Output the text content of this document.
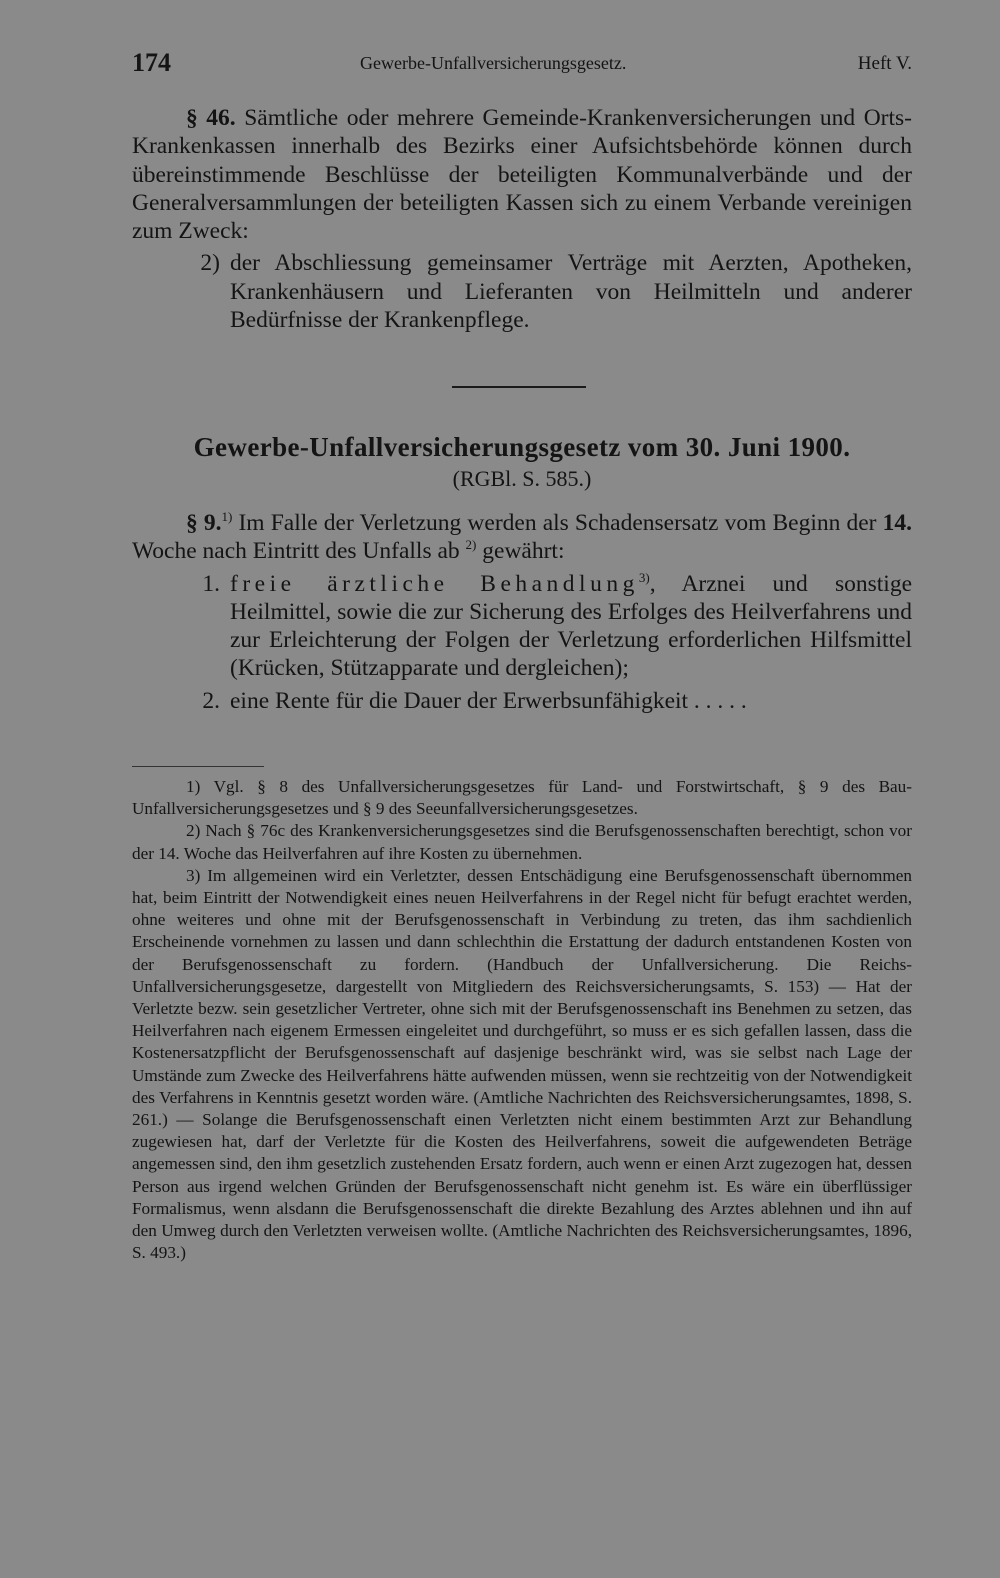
174	Gewerbe-Unfallversicherungsgesetz.	Heft V.

§ 46. Sämtliche oder mehrere Gemeinde-Krankenversicherungen und Orts-Krankenkassen innerhalb des Bezirks einer Aufsichtsbehörde können durch übereinstimmende Beschlüsse der beteiligten Kommunalverbände und der Generalversammlungen der beteiligten Kassen sich zu einem Verbande vereinigen zum Zweck:

2) der Abschliessung gemeinsamer Verträge mit Aerzten, Apotheken, Krankenhäusern und Lieferanten von Heilmitteln und anderer Bedürfnisse der Krankenpflege.
Gewerbe-Unfallversicherungsgesetz vom 30. Juni 1900.
(RGBl. S. 585.)

§ 9.$^{1)}$ Im Falle der Verletzung werden als Schadensersatz vom Beginn der 14. Woche nach Eintritt des Unfalls ab $^{2)}$ gewährt:

1. freie ärztliche Behandlung$^{3)}$, Arznei und sonstige Heilmittel, sowie die zur Sicherung des Erfolges des Heilverfahrens und zur Erleichterung der Folgen der Verletzung erforderlichen Hilfsmittel (Krücken, Stützapparate und dergleichen);
2. eine Rente für die Dauer der Erwerbsunfähigkeit . . . . .

1) Vgl. § 8 des Unfallversicherungsgesetzes für Land- und Forstwirtschaft, § 9 des Bau-Unfallversicherungsgesetzes und § 9 des Seeunfallversicherungsgesetzes.

2) Nach § 76c des Krankenversicherungsgesetzes sind die Berufsgenossenschaften berechtigt, schon vor der 14. Woche das Heilverfahren auf ihre Kosten zu übernehmen.

3) Im allgemeinen wird ein Verletzter, dessen Entschädigung eine Berufsgenossenschaft übernommen hat, beim Eintritt der Notwendigkeit eines neuen Heilverfahrens in der Regel nicht für befugt erachtet werden, ohne weiteres und ohne mit der Berufsgenossenschaft in Verbindung zu treten, das ihm sachdienlich Erscheinende vornehmen zu lassen und dann schlechthin die Erstattung der dadurch entstandenen Kosten von der Berufsgenossenschaft zu fordern. (Handbuch der Unfallversicherung. Die Reichs-Unfallversicherungsgesetze, dargestellt von Mitgliedern des Reichsversicherungsamts, S. 153) — Hat der Verletzte bezw. sein gesetzlicher Vertreter, ohne sich mit der Berufsgenossenschaft ins Benehmen zu setzen, das Heilverfahren nach eigenem Ermessen eingeleitet und durchgeführt, so muss er es sich gefallen lassen, dass die Kostenersatzpflicht der Berufsgenossenschaft auf dasjenige beschränkt wird, was sie selbst nach Lage der Umstände zum Zwecke des Heilverfahrens hätte aufwenden müssen, wenn sie rechtzeitig von der Notwendigkeit des Verfahrens in Kenntnis gesetzt worden wäre. (Amtliche Nachrichten des Reichsversicherungsamtes, 1898, S. 261.) — Solange die Berufsgenossenschaft einen Verletzten nicht einem bestimmten Arzt zur Behandlung zugewiesen hat, darf der Verletzte für die Kosten des Heilverfahrens, soweit die aufgewendeten Beträge angemessen sind, den ihm gesetzlich zustehenden Ersatz fordern, auch wenn er einen Arzt zugezogen hat, dessen Person aus irgend welchen Gründen der Berufsgenossenschaft nicht genehm ist. Es wäre ein überflüssiger Formalismus, wenn alsdann die Berufsgenossenschaft die direkte Bezahlung des Arztes ablehnen und ihn auf den Umweg durch den Verletzten verweisen wollte. (Amtliche Nachrichten des Reichsversicherungsamtes, 1896, S. 493.)
